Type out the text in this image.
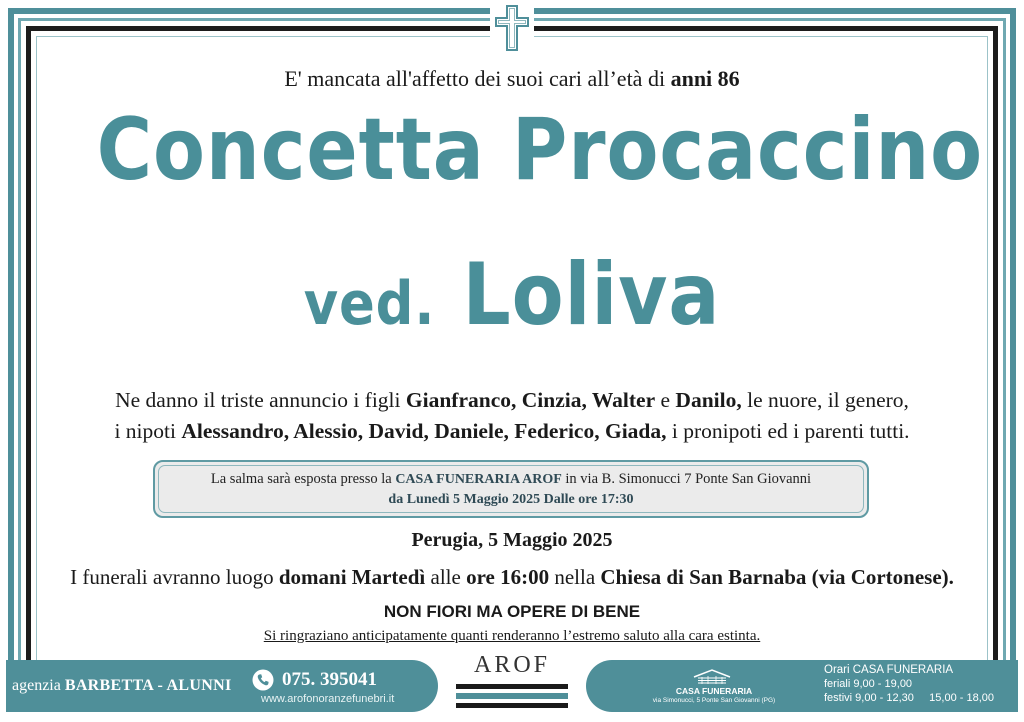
E' mancata all'affetto dei suoi cari all’età di anni 86
Concetta Procaccino
ved. Loliva
Ne danno il triste annuncio i figli Gianfranco, Cinzia, Walter e Danilo, le nuore, il genero,
i nipoti Alessandro, Alessio, David, Daniele, Federico, Giada, i pronipoti ed i parenti tutti.
La salma sarà esposta presso la CASA FUNERARIA AROF in via B. Simonucci 7 Ponte San Giovanni
da Lunedì 5 Maggio 2025 Dalle ore 17:30
Perugia, 5 Maggio 2025
I funerali avranno luogo domani Martedì alle ore 16:00 nella Chiesa di San Barnaba (via Cortonese).
NON FIORI MA OPERE DI BENE
Si ringraziano anticipatamente quanti renderanno l’estremo saluto alla cara estinta.
agenzia BARBETTA - ALUNNI	075. 395041
www.arofonoranzefunebri.it
AROF
CASA FUNERARIA
via Simonucci, 5 Ponte San Giovanni (PG)
Orari CASA FUNERARIA
feriali 9,00 - 19,00
festivi 9,00 - 12,30     15,00 - 18,00
